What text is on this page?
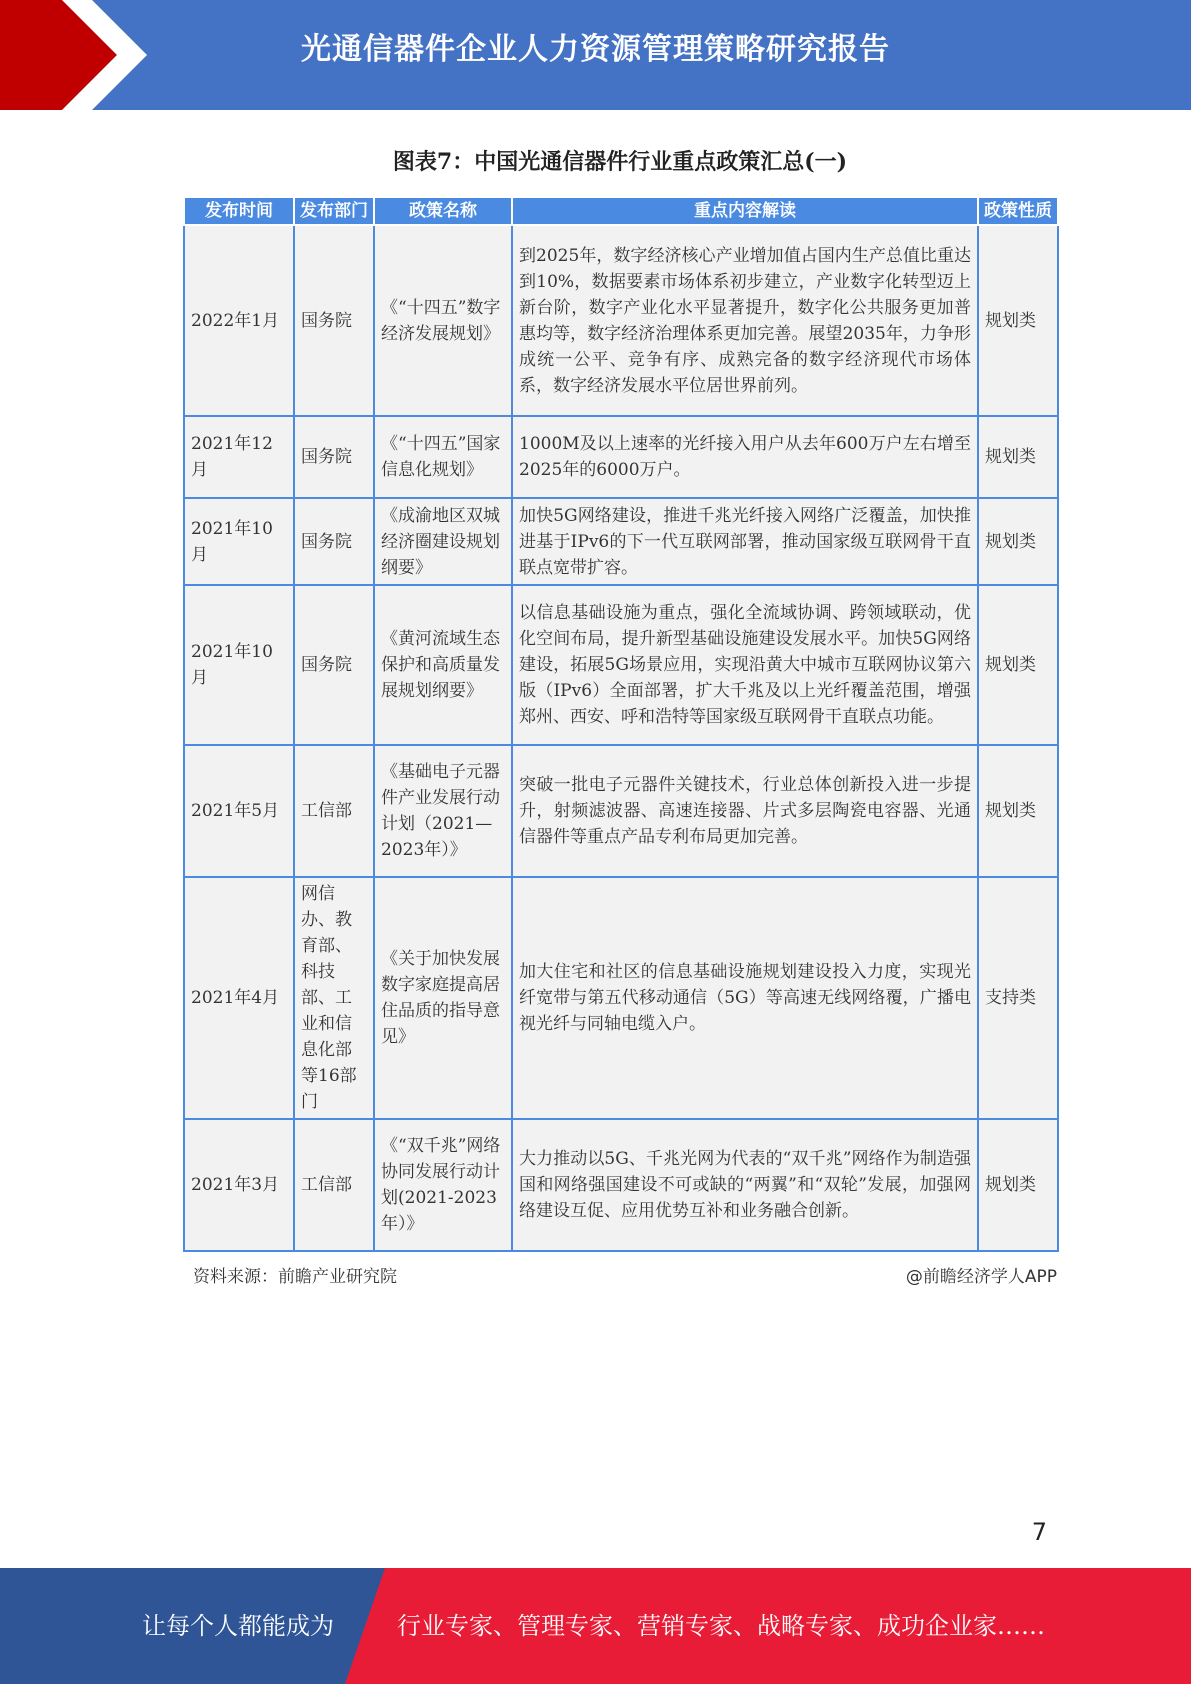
光通信器件企业人力资源管理策略研究报告
图表7：中国光通信器件行业重点政策汇总(一)
发布时间	发布部门	政策名称	重点内容解读	政策性质
2022年1月	国务院	《“十四五”数字经济发展规划》	到2025年，数字经济核心产业增加值占国内生产总值比重达到10%，数据要素市场体系初步建立，产业数字化转型迈上新台阶，数字产业化水平显著提升，数字化公共服务更加普惠均等，数字经济治理体系更加完善。展望2035年，力争形成统一公平、竞争有序、成熟完备的数字经济现代市场体系，数字经济发展水平位居世界前列。	规划类
2021年12月	国务院	《“十四五”国家信息化规划》	1000M及以上速率的光纤接入用户从去年600万户左右增至2025年的6000万户。	规划类
2021年10月	国务院	《成渝地区双城经济圈建设规划纲要》	加快5G网络建设，推进千兆光纤接入网络广泛覆盖，加快推进基于IPv6的下一代互联网部署，推动国家级互联网骨干直联点宽带扩容。	规划类
2021年10月	国务院	《黄河流域生态保护和高质量发展规划纲要》	以信息基础设施为重点，强化全流域协调、跨领域联动，优化空间布局，提升新型基础设施建设发展水平。加快5G网络建设，拓展5G场景应用，实现沿黄大中城市互联网协议第六版（IPv6）全面部署，扩大千兆及以上光纤覆盖范围，增强郑州、西安、呼和浩特等国家级互联网骨干直联点功能。	规划类
2021年5月	工信部	《基础电子元器件产业发展行动计划（2021—2023年）》	突破一批电子元器件关键技术，行业总体创新投入进一步提升，射频滤波器、高速连接器、片式多层陶瓷电容器、光通信器件等重点产品专利布局更加完善。	规划类
2021年4月	网信办、教育部、科技部、工业和信息化部等16部门	《关于加快发展数字家庭提高居住品质的指导意见》	加大住宅和社区的信息基础设施规划建设投入力度，实现光纤宽带与第五代移动通信（5G）等高速无线网络覆，广播电视光纤与同轴电缆入户。	支持类
2021年3月	工信部	《“双千兆”网络协同发展行动计划(2021-2023年）》	大力推动以5G、千兆光网为代表的“双千兆”网络作为制造强国和网络强国建设不可或缺的“两翼”和“双轮”发展，加强网络建设互促、应用优势互补和业务融合创新。	规划类
资料来源：前瞻产业研究院	@前瞻经济学人APP
7
让每个人都能成为	行业专家、管理专家、营销专家、战略专家、成功企业家……
